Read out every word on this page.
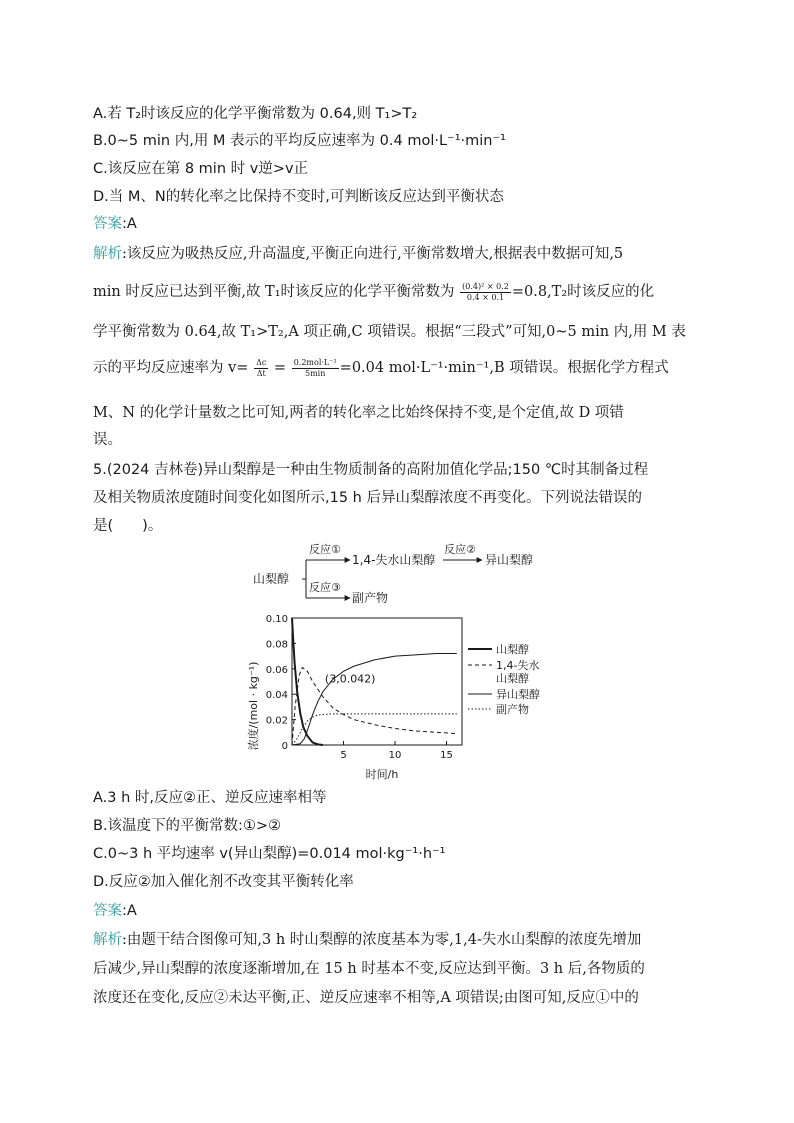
A.若 T₂时该反应的化学平衡常数为 0.64,则 T₁>T₂
B.0~5 min 内,用 M 表示的平均反应速率为 0.4 mol·L⁻¹·min⁻¹
C.该反应在第 8 min 时 v逆>v正
D.当 M、N的转化率之比保持不变时,可判断该反应达到平衡状态
答案:A
解析:该反应为吸热反应,升高温度,平衡正向进行,平衡常数增大,根据表中数据可知,5
min 时反应已达到平衡,故 T₁时该反应的化学平衡常数为 $\frac{\text{(0.4)² × 0.2}}{0.4 \times 0.1} =0.8,T_2$时该反应的化
学平衡常数为 0.64,故 T₁>T₂,A 项正确,C 项错误。根据“三段式”可知,0~5 min 内,用 M 表
示的平均反应速率为 $v= \frac{\Delta c}{\Delta t} = \frac{\text{0.2mol·L⁻¹}}{5\min} =0.04$ mol·L⁻¹·min⁻¹,B 项错误。根据化学方程式
M、N 的化学计量数之比可知,两者的转化率之比始终保持不变,是个定值,故 D 项错
误。
5.(2024 吉林卷)异山梨醇是一种由生物质制备的高附加值化学品;150 ℃时其制备过程
及相关物质浓度随时间变化如图所示,15 h 后异山梨醇浓度不再变化。下列说法错误的
是(　　)。
山梨醇
反应①
1,4-失水山梨醇
反应②
异山梨醇
反应③
副产物
0
0.02
0.04
0.06
0.08
0.10
5	10	15
浓度/(mol · kg⁻¹)
时间/h
(3,0.042)
山梨醇
1,4-失水
山梨醇
异山梨醇
副产物
A.3 h 时,反应②正、逆反应速率相等
B.该温度下的平衡常数:①>②
C.0~3 h 平均速率 v(异山梨醇)=0.014 mol·kg⁻¹·h⁻¹
D.反应②加入催化剂不改变其平衡转化率
答案:A
解析:由题干结合图像可知,3 h 时山梨醇的浓度基本为零,1,4-失水山梨醇的浓度先增加
后减少,异山梨醇的浓度逐渐增加,在 15 h 时基本不变,反应达到平衡。3 h 后,各物质的
浓度还在变化,反应②未达平衡,正、逆反应速率不相等,A 项错误;由图可知,反应①中的
